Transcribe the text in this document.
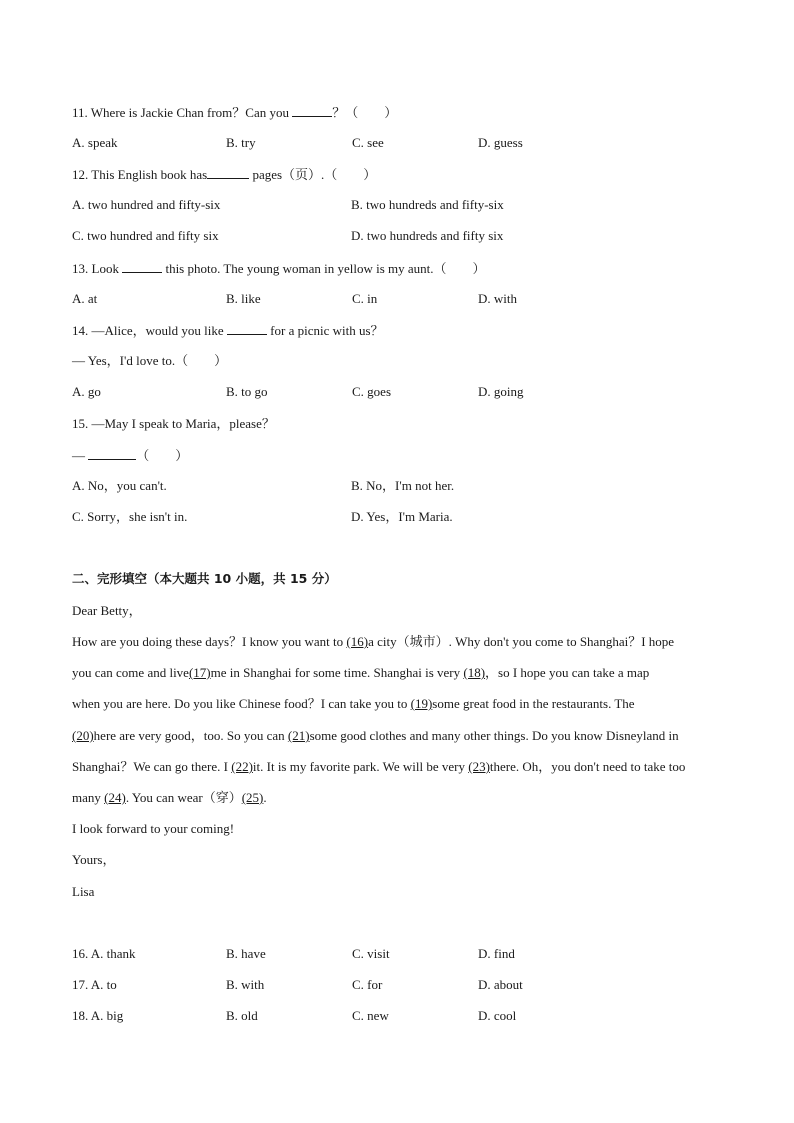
11. Where is Jackie Chan from？Can you	？（　　）
A. speak	B. try	C. see	D. guess
12. This English book has	pages（页）.（　　）
A. two hundred and fifty-six	B. two hundreds and fifty-six
C. two hundred and fifty six	D. two hundreds and fifty six
13. Look	this photo. The young woman in yellow is my aunt.（　　）
A. at	B. like	C. in	D. with
14. —Alice，would you like	for a picnic with us？
— Yes，I'd love to.（　　）
A. go	B. to go	C. goes	D. going
15. —May I speak to Maria，please？
—	（　　）
A. No，you can't.	B. No，I'm not her.
C. Sorry，she isn't in.	D. Yes，I'm Maria.
二、完形填空（本大题共 10 小题，共 15 分）
Dear Betty，
How are you doing these days？I know you want to (16)a city（城市）. Why don't you come to Shanghai？I hope
you can come and live(17)me in Shanghai for some time. Shanghai is very (18)，so I hope you can take a map
when you are here. Do you like Chinese food？I can take you to (19)some great food in the restaurants. The
(20)here are very good，too. So you can (21)some good clothes and many other things. Do you know Disneyland in
Shanghai？We can go there. I (22)it. It is my favorite park. We will be very (23)there. Oh，you don't need to take too
many (24). You can wear（穿）(25).
I look forward to your coming!
Yours，
Lisa
16. A. thank	B. have	C. visit	D. find
17. A. to	B. with	C. for	D. about
18. A. big	B. old	C. new	D. cool
